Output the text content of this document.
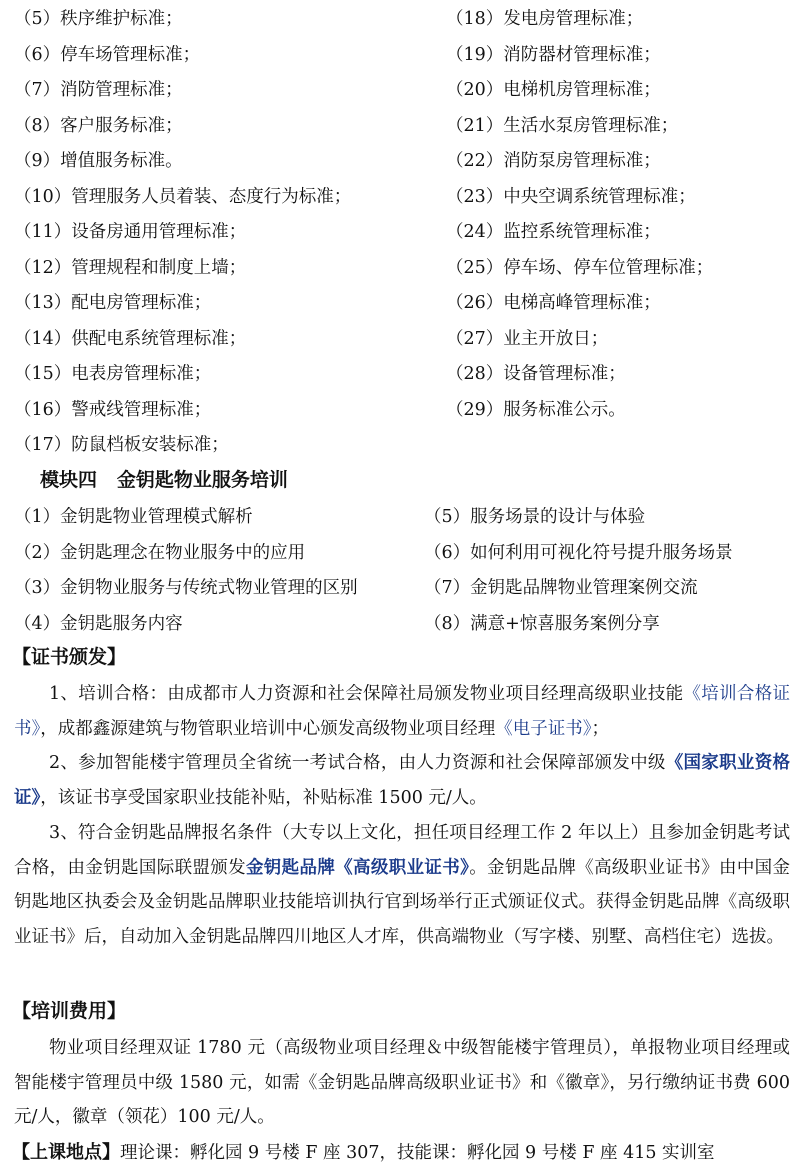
（5）秩序维护标准；	（18）发电房管理标准；
（6）停车场管理标准；	（19）消防器材管理标准；
（7）消防管理标准；	（20）电梯机房管理标准；
（8）客户服务标准；	（21）生活水泵房管理标准；
（9）增值服务标准。	（22）消防泵房管理标准；
（10）管理服务人员着装、态度行为标准；	（23）中央空调系统管理标准；
（11）设备房通用管理标准；	（24）监控系统管理标准；
（12）管理规程和制度上墙；	（25）停车场、停车位管理标准；
（13）配电房管理标准；	（26）电梯高峰管理标准；
（14）供配电系统管理标准；	（27）业主开放日；
（15）电表房管理标准；	（28）设备管理标准；
（16）警戒线管理标准；	（29）服务标准公示。
（17）防鼠档板安装标准；
模块四   金钥匙物业服务培训
（1）金钥匙物业管理模式解析	（5）服务场景的设计与体验
（2）金钥匙理念在物业服务中的应用	（6）如何利用可视化符号提升服务场景
（3）金钥物业服务与传统式物业管理的区别	（7）金钥匙品牌物业管理案例交流
（4）金钥匙服务内容	（8）满意+惊喜服务案例分享
【证书颁发】
1、培训合格：由成都市人力资源和社会保障社局颁发物业项目经理高级职业技能《培训合格证书》，成都鑫源建筑与物管职业培训中心颁发高级物业项目经理《电子证书》；
2、参加智能楼宇管理员全省统一考试合格，由人力资源和社会保障部颁发中级《国家职业资格证》，该证书享受国家职业技能补贴，补贴标准 1500 元/人。
3、符合金钥匙品牌报名条件（大专以上文化，担任项目经理工作 2 年以上）且参加金钥匙考试合格，由金钥匙国际联盟颁发金钥匙品牌《高级职业证书》。金钥匙品牌《高级职业证书》由中国金钥匙地区执委会及金钥匙品牌职业技能培训执行官到场举行正式颁证仪式。获得金钥匙品牌《高级职业证书》后，自动加入金钥匙品牌四川地区人才库，供高端物业（写字楼、别墅、高档住宅）选拔。
【培训费用】
物业项目经理双证 1780 元（高级物业项目经理＆中级智能楼宇管理员），单报物业项目经理或智能楼宇管理员中级 1580 元，如需《金钥匙品牌高级职业证书》和《徽章》，另行缴纳证书费 600 元/人，徽章（领花）100 元/人。
【上课地点】理论课：孵化园 9 号楼 F 座 307，技能课：孵化园 9 号楼 F 座 415 实训室
